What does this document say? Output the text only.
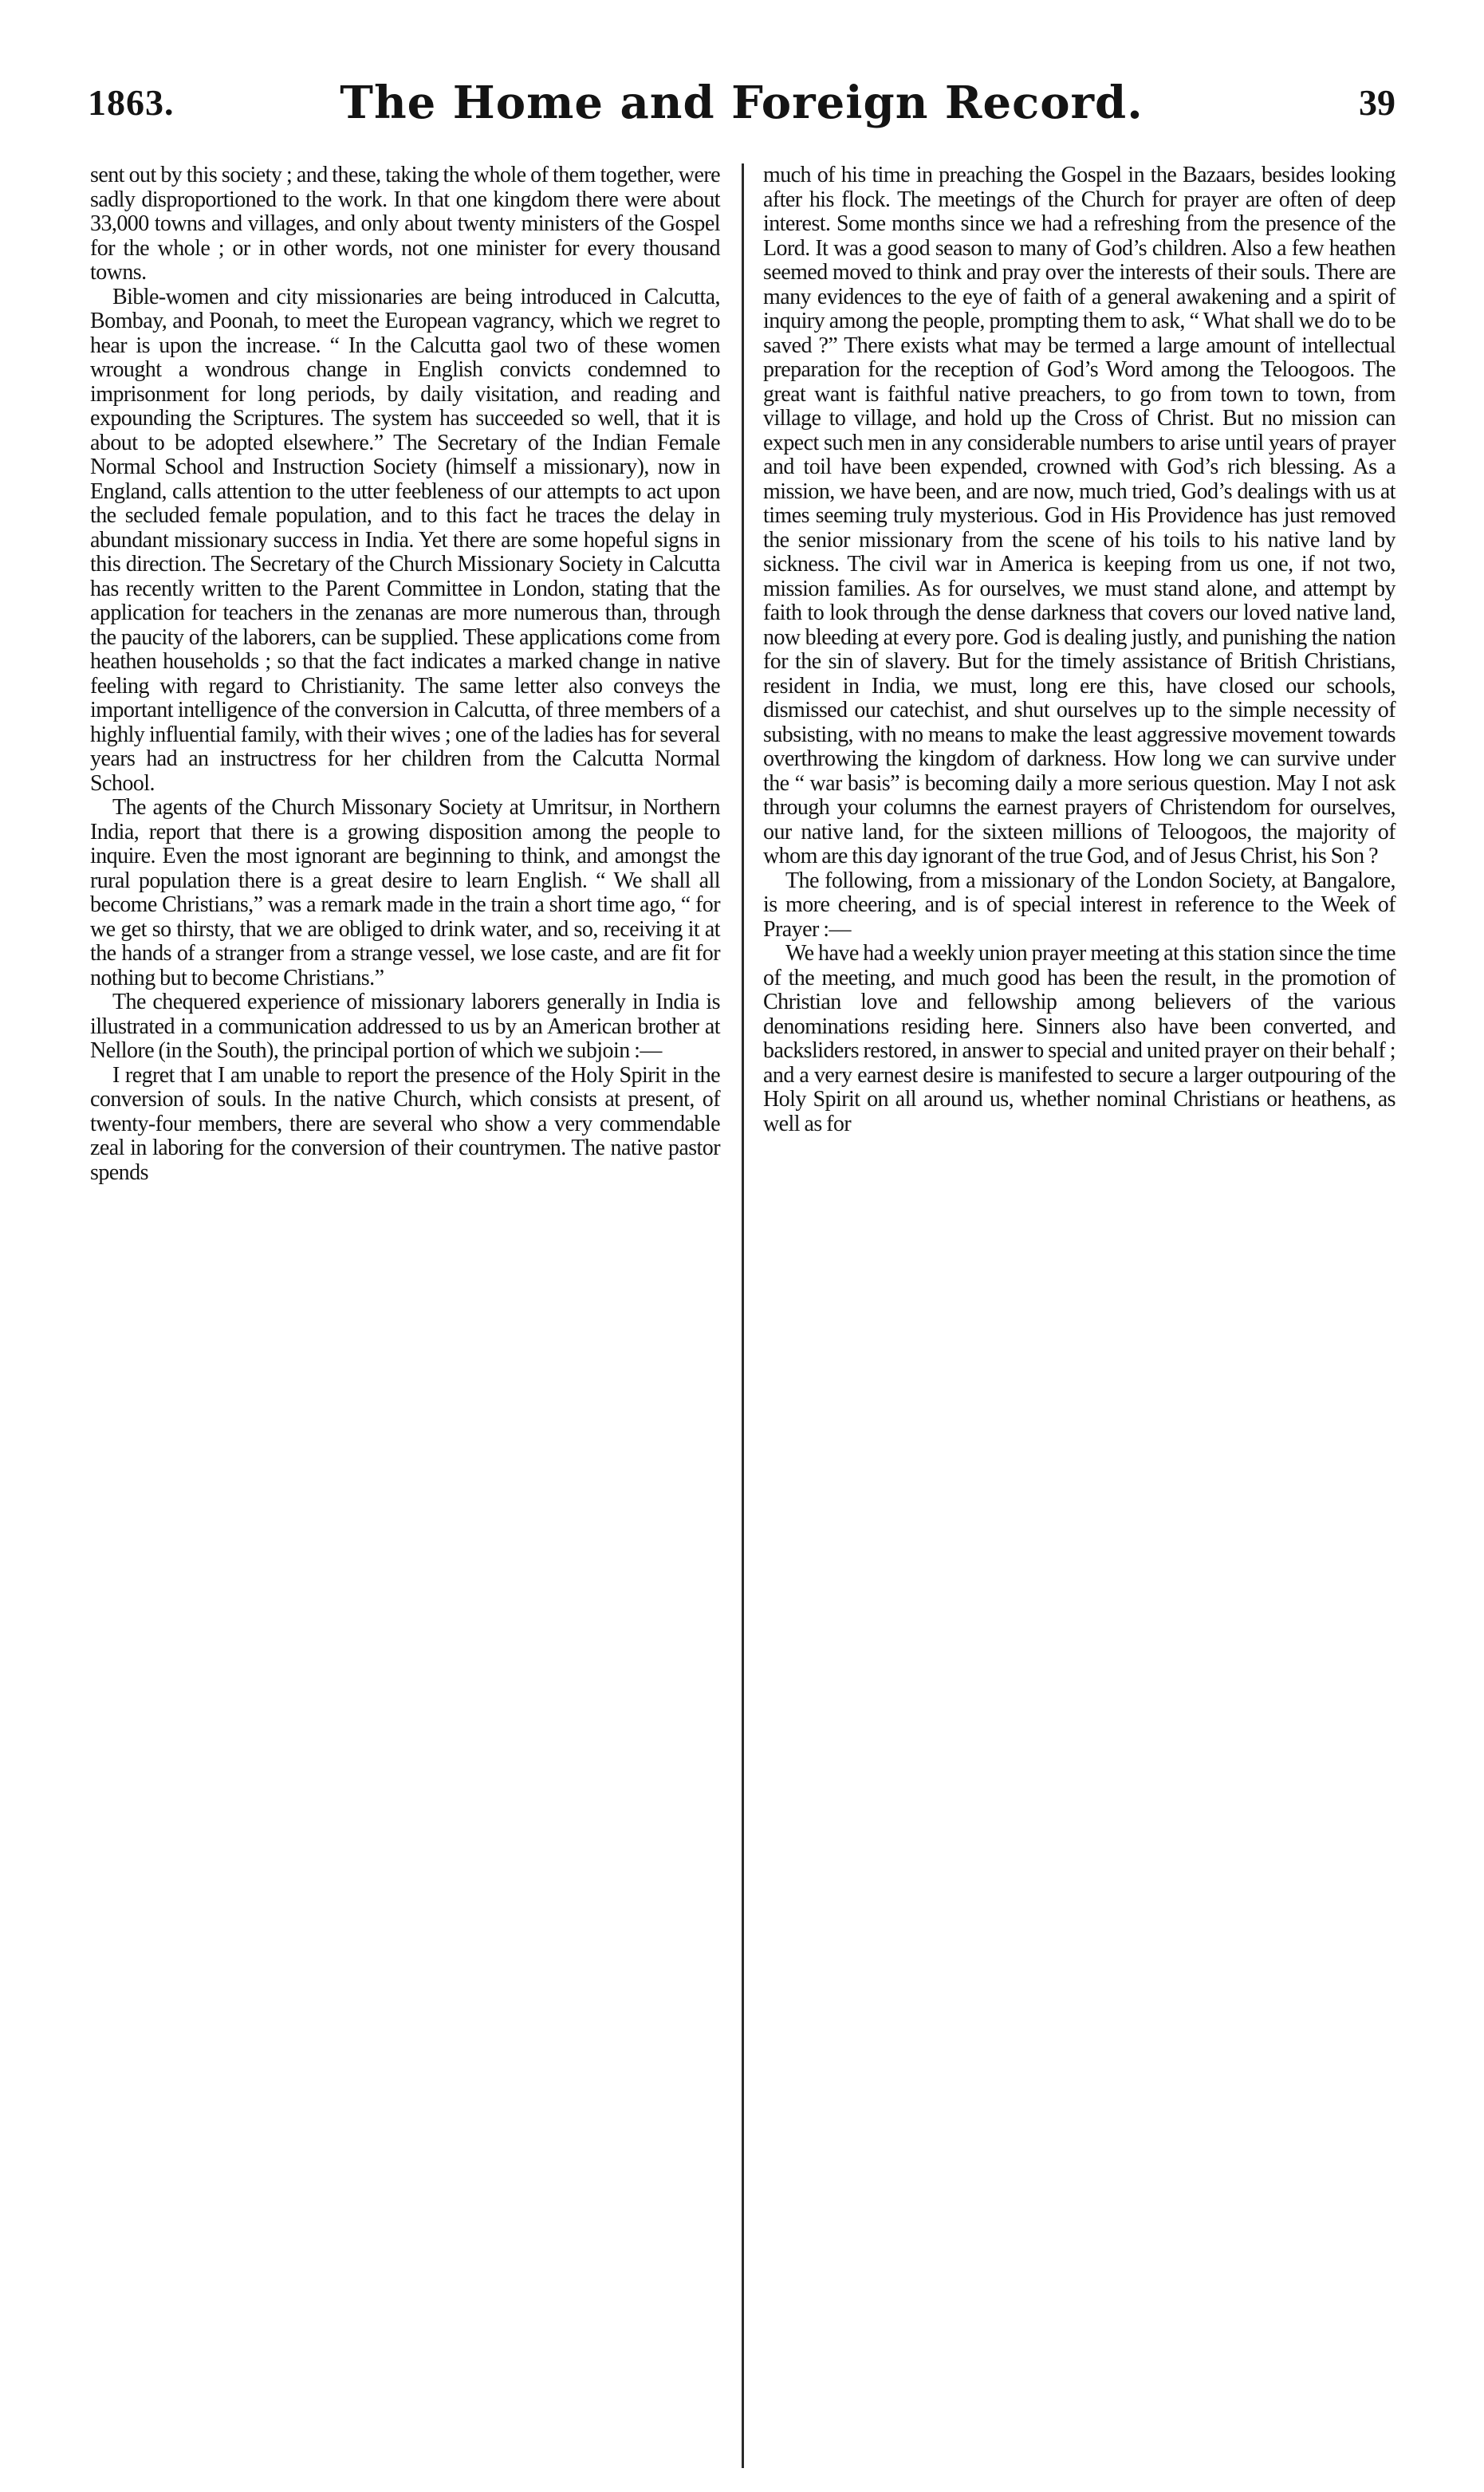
1863.	The Home and Foreign Record.	39

sent out by this society ; and these, taking the whole of them together, were sadly disproportioned to the work. In that one kingdom there were about 33,000 towns and villages, and only about twenty ministers of the Gospel for the whole ; or in other words, not one minister for every thousand towns.

Bible-women and city missionaries are being introduced in Calcutta, Bombay, and Poonah, to meet the European vagrancy, which we regret to hear is upon the increase. “ In the Calcutta gaol two of these women wrought a wondrous change in English convicts condemned to imprisonment for long periods, by daily visitation, and reading and expounding the Scriptures. The system has succeeded so well, that it is about to be adopted elsewhere.” The Secretary of the Indian Female Normal School and Instruction Society (himself a missionary), now in England, calls attention to the utter feebleness of our attempts to act upon the secluded female population, and to this fact he traces the delay in abundant missionary success in India. Yet there are some hopeful signs in this direction. The Secretary of the Church Missionary Society in Calcutta has recently written to the Parent Committee in London, stating that the application for teachers in the zenanas are more numerous than, through the paucity of the laborers, can be supplied. These applications come from heathen households ; so that the fact indicates a marked change in native feeling with regard to Christianity. The same letter also conveys the important intelligence of the conversion in Calcutta, of three members of a highly influential family, with their wives ; one of the ladies has for several years had an instructress for her children from the Calcutta Normal School.

The agents of the Church Missonary Society at Umritsur, in Northern India, report that there is a growing disposition among the people to inquire. Even the most ignorant are beginning to think, and amongst the rural population there is a great desire to learn English. “ We shall all become Christians,” was a remark made in the train a short time ago, “ for we get so thirsty, that we are obliged to drink water, and so, receiving it at the hands of a stranger from a strange vessel, we lose caste, and are fit for nothing but to become Christians.”

The chequered experience of missionary laborers generally in India is illustrated in a communication addressed to us by an American brother at Nellore (in the South), the principal portion of which we subjoin :—

I regret that I am unable to report the presence of the Holy Spirit in the conversion of souls. In the native Church, which consists at present, of twenty-four members, there are several who show a very commendable zeal in laboring for the conversion of their countrymen. The native pastor spends

much of his time in preaching the Gospel in the Bazaars, besides looking after his flock. The meetings of the Church for prayer are often of deep interest. Some months since we had a refreshing from the presence of the Lord. It was a good season to many of God’s children. Also a few heathen seemed moved to think and pray over the interests of their souls. There are many evidences to the eye of faith of a general awakening and a spirit of inquiry among the people, prompting them to ask, “ What shall we do to be saved ?” There exists what may be termed a large amount of intellectual preparation for the reception of God’s Word among the Teloogoos. The great want is faithful native preachers, to go from town to town, from village to village, and hold up the Cross of Christ. But no mission can expect such men in any considerable numbers to arise until years of prayer and toil have been expended, crowned with God’s rich blessing. As a mission, we have been, and are now, much tried, God’s dealings with us at times seeming truly mysterious. God in His Providence has just removed the senior missionary from the scene of his toils to his native land by sickness. The civil war in America is keeping from us one, if not two, mission families. As for ourselves, we must stand alone, and attempt by faith to look through the dense darkness that covers our loved native land, now bleeding at every pore. God is dealing justly, and punishing the nation for the sin of slavery. But for the timely assistance of British Christians, resident in India, we must, long ere this, have closed our schools, dismissed our catechist, and shut ourselves up to the simple necessity of subsisting, with no means to make the least aggressive movement towards overthrowing the kingdom of darkness. How long we can survive under the “ war basis” is becoming daily a more serious question. May I not ask through your columns the earnest prayers of Christendom for ourselves, our native land, for the sixteen millions of Teloogoos, the majority of whom are this day ignorant of the true God, and of Jesus Christ, his Son ?

The following, from a missionary of the London Society, at Bangalore, is more cheering, and is of special interest in reference to the Week of Prayer :—

We have had a weekly union prayer meeting at this station since the time of the meeting, and much good has been the result, in the promotion of Christian love and fellowship among believers of the various denominations residing here. Sinners also have been converted, and backsliders restored, in answer to special and united prayer on their behalf ; and a very earnest desire is manifested to secure a larger outpouring of the Holy Spirit on all around us, whether nominal Christians or heathens, as well as for
